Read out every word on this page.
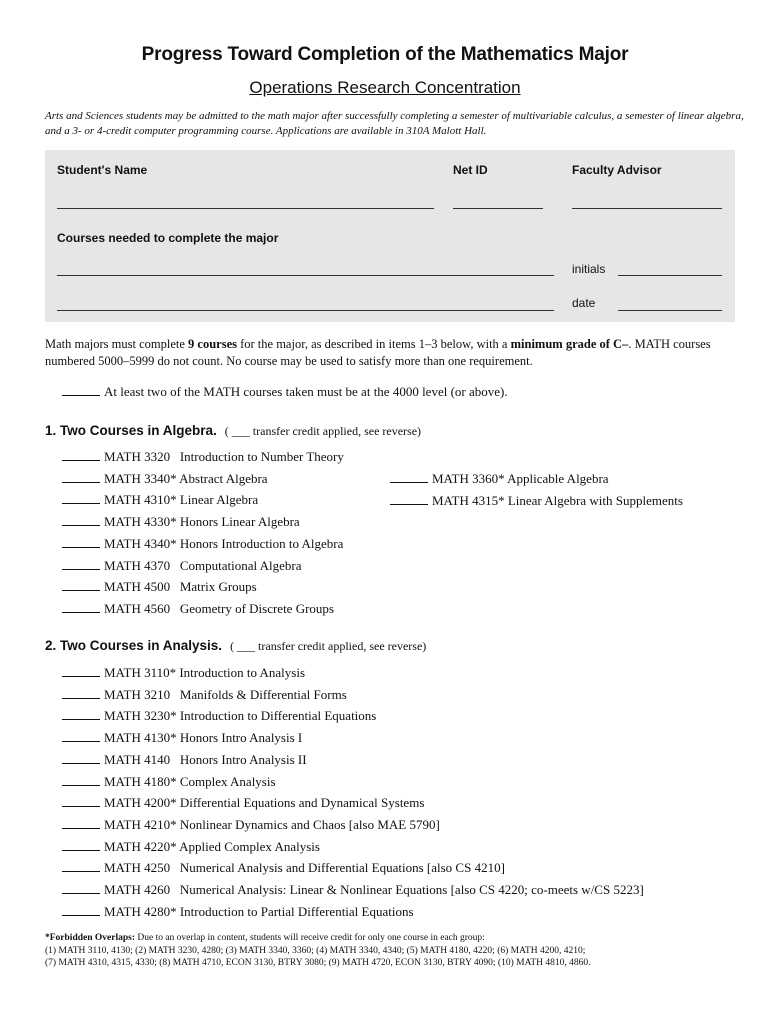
Progress Toward Completion of the Mathematics Major
Operations Research Concentration
Arts and Sciences students may be admitted to the math major after successfully completing a semester of multivariable calculus, a semester of linear algebra, and a 3- or 4-credit computer programming course. Applications are available in 310A Malott Hall.
Student's Name	Net ID	Faculty Advisor
Courses needed to complete the major
initials
date
Math majors must complete 9 courses for the major, as described in items 1–3 below, with a minimum grade of C–. MATH courses numbered 5000–5999 do not count. No course may be used to satisfy more than one requirement.
At least two of the MATH courses taken must be at the 4000 level (or above).
1. Two Courses in Algebra. ( ___ transfer credit applied, see reverse)
MATH 3320   Introduction to Number Theory
MATH 3340* Abstract Algebra
MATH 4310* Linear Algebra
MATH 4330* Honors Linear Algebra
MATH 4340* Honors Introduction to Algebra
MATH 4370   Computational Algebra
MATH 4500   Matrix Groups
MATH 4560   Geometry of Discrete Groups
MATH 3360* Applicable Algebra
MATH 4315* Linear Algebra with Supplements
2. Two Courses in Analysis. ( ___ transfer credit applied, see reverse)
MATH 3110* Introduction to Analysis
MATH 3210   Manifolds & Differential Forms
MATH 3230* Introduction to Differential Equations
MATH 4130* Honors Intro Analysis I
MATH 4140   Honors Intro Analysis II
MATH 4180* Complex Analysis
MATH 4200* Differential Equations and Dynamical Systems
MATH 4210* Nonlinear Dynamics and Chaos [also MAE 5790]
MATH 4220* Applied Complex Analysis
MATH 4250   Numerical Analysis and Differential Equations [also CS 4210]
MATH 4260   Numerical Analysis: Linear & Nonlinear Equations [also CS 4220; co-meets w/CS 5223]
MATH 4280* Introduction to Partial Differential Equations
*Forbidden Overlaps: Due to an overlap in content, students will receive credit for only one course in each group:
(1) MATH 3110, 4130; (2) MATH 3230, 4280; (3) MATH 3340, 3360; (4) MATH 3340, 4340; (5) MATH 4180, 4220; (6) MATH 4200, 4210;
(7) MATH 4310, 4315, 4330; (8) MATH 4710, ECON 3130, BTRY 3080; (9) MATH 4720, ECON 3130, BTRY 4090; (10) MATH 4810, 4860.
